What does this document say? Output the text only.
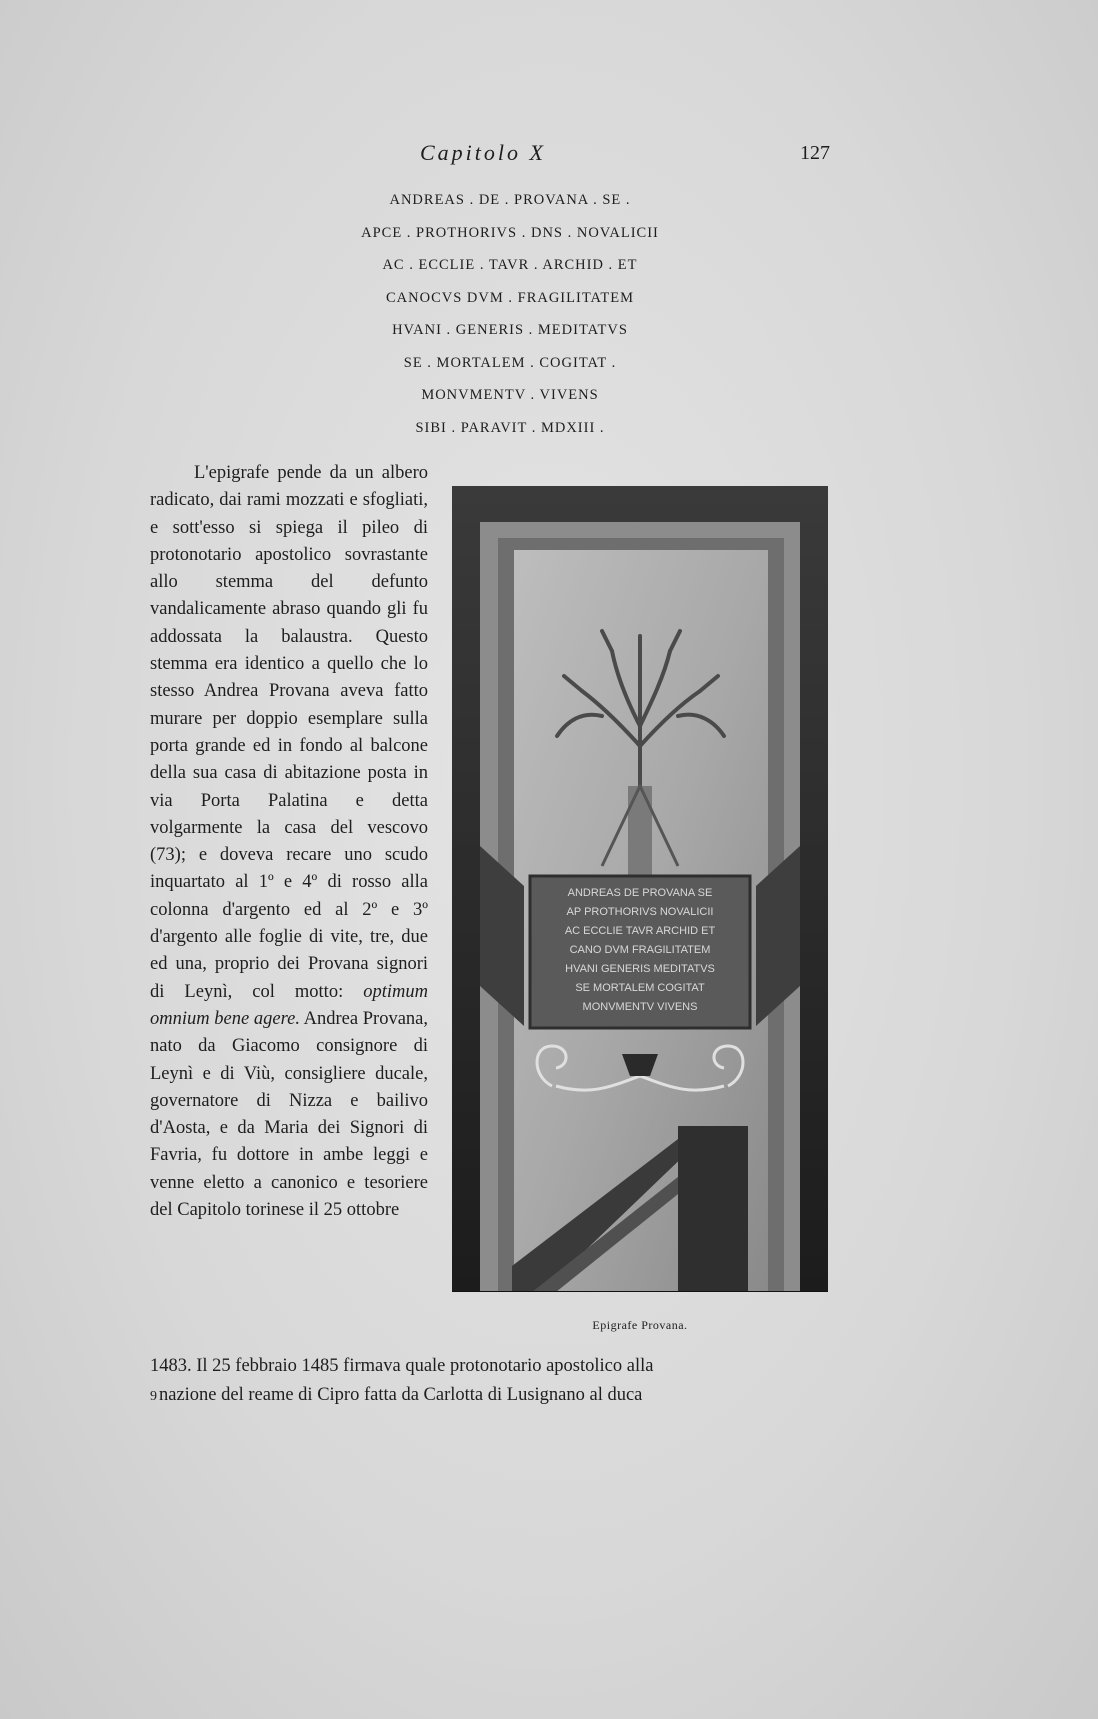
Capitolo X	127
ANDREAS . DE . PROVANA . SE .
APCE . PROTHORIVS . DNS . NOVALICII
AC . ECCLIE . TAVR . ARCHID . ET
CANOCVS DVM . FRAGILITATEM
HVANI . GENERIS . MEDITATVS
SE . MORTALEM . COGITAT .
MONVMENTV . VIVENS
SIBI . PARAVIT . MDXIII .

L'epigrafe pende da un albero radicato, dai rami mozzati e sfogliati, e sott'esso si spiega il pileo di protonotario apostolico sovrastante allo stemma del defunto vandalicamente abraso quando gli fu addossata la balaustra. Questo stemma era identico a quello che lo stesso Andrea Provana aveva fatto murare per doppio esemplare sulla porta grande ed in fondo al balcone della sua casa di abitazione posta in via Porta Palatina e detta volgarmente la casa del vescovo (73); e doveva recare uno scudo inquartato al 1º e 4º di rosso alla colonna d'argento ed al 2º e 3º d'argento alle foglie di vite, tre, due ed una, proprio dei Provana signori di Leynì, col motto: optimum omnium bene agere. Andrea Provana, nato da Giacomo consignore di Leynì e di Viù, consigliere ducale, governatore di Nizza e bailivo d'Aosta, e da Maria dei Signori di Favria, fu dottore in ambe leggi e venne eletto a canonico e tesoriere del Capitolo torinese il 25 ottobre

ANDREAS DE PROVANA SE
AP PROTHORIVS NOVALICII
AC ECCLIE TAVR ARCHID ET
CANO DVM FRAGILITATEM
HVANI GENERIS MEDITATVS
SE MORTALEM COGITAT
MONVMENTV VIVENS
Epigrafe Provana.

1483. Il 25 febbraio 1485 firmava quale protonotario apostolico alla

9 nazione del reame di Cipro fatta da Carlotta di Lusignano al duca
